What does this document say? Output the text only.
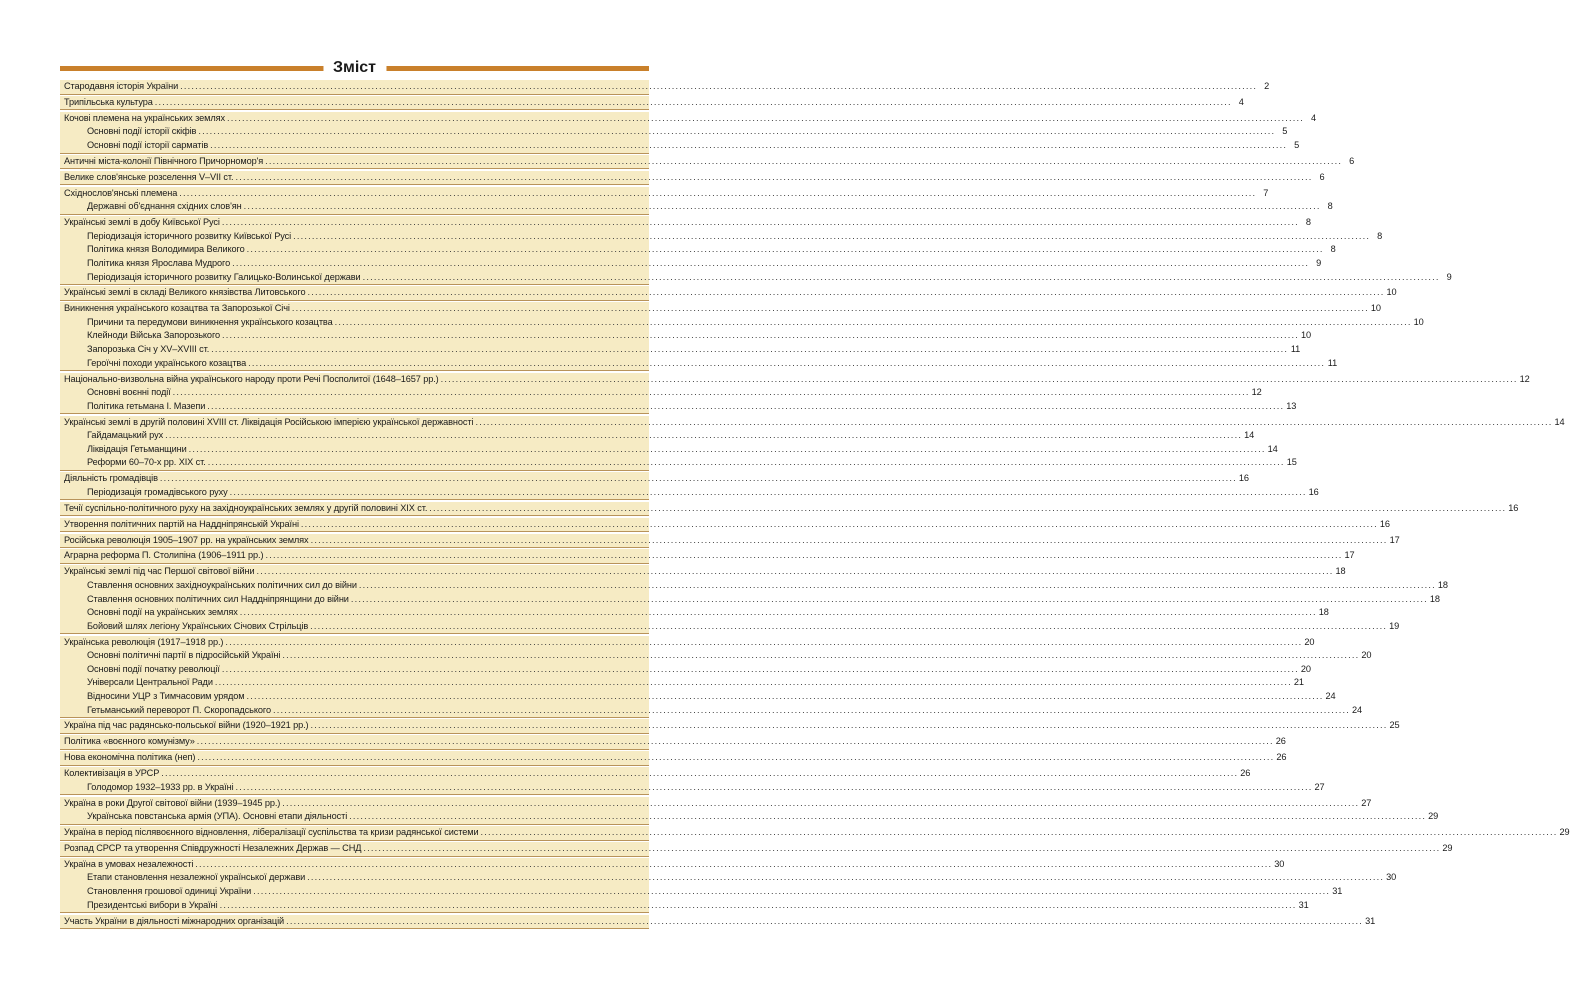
Зміст
Стародавня історія України .....	2
Трипільська культура .....	4
Кочові племена на українських землях .....	4
Основні події історії скіфів .....	5
Основні події історії сарматів .....	5
Античні міста-колонії Північного Причорномор'я .....	6
Велике слов'янське розселення V–VII ст. .....	6
Східнослов'янські племена .....	7
Державні об'єднання східних слов'ян .....	8
Українські землі в добу Київської Русі .....	8
Періодизація історичного розвитку Київської Русі .....	8
Політика князя Володимира Великого .....	8
Політика князя Ярослава Мудрого .....	9
Періодизація історичного розвитку Галицько-Волинської держави .....	9
Українські землі в складі Великого князівства Литовського .....	10
Виникнення українського козацтва та Запорозької Січі .....	10
Причини та передумови виникнення українського козацтва .....	10
Клейноди Війська Запорозького .....	10
Запорозька Січ у XV–XVIII ст. .....	11
Героїчні походи українського козацтва .....	11
Національно-визвольна війна українського народу проти Речі Посполитої (1648–1657 рр.) .....	12
Основні воєнні події .....	12
Політика гетьмана І. Мазепи .....	13
Українські землі в другій половині XVIII ст. Ліквідація Російською імперією української державності .....	14
Гайдамацький рух .....	14
Ліквідація Гетьманщини .....	14
Реформи 60–70-х рр. XIX ст. .....	15
Діяльність громадівців .....	16
Періодизація громадівського руху .....	16
Течії суспільно-політичного руху на західноукраїнських землях у другій половині XIX ст. .....	16
Утворення політичних партій на Наддніпрянській Україні .....	16
Російська революція 1905–1907 рр. на українських землях .....	17
Аграрна реформа П. Столипіна (1906–1911 рр.) .....	17
Українські землі під час Першої світової війни .....	18
Ставлення основних західноукраїнських політичних сил до війни .....	18
Ставлення основних політичних сил Наддніпрянщини до війни .....	18
Основні події на українських землях .....	18
Бойовий шлях легіону Українських Січових Стрільців .....	19
Українська революція (1917–1918 рр.) .....	20
Основні політичні партії в підросійській Україні .....	20
Основні події початку революції .....	20
Універсали Центральної Ради .....	21
Відносини УЦР з Тимчасовим урядом .....	24
Гетьманський переворот П. Скоропадського .....	24
Україна під час радянсько-польської війни (1920–1921 рр.) .....	25
Політика «воєнного комунізму» .....	26
Нова економічна політика (неп) .....	26
Колективізація в УРСР .....	26
Голодомор 1932–1933 рр. в Україні .....	27
Україна в роки Другої світової війни (1939–1945 рр.) .....	27
Українська повстанська армія (УПА). Основні етапи діяльності .....	29
Україна в період післявоєнного відновлення, лібералізації суспільства та кризи радянської системи .....	29
Розпад СРСР та утворення Співдружності Незалежних Держав — СНД .....	29
Україна в умовах незалежності .....	30
Етапи становлення незалежної української держави .....	30
Становлення грошової одиниці України .....	31
Президентські вибори в Україні .....	31
Участь України в діяльності міжнародних організацій .....	31
